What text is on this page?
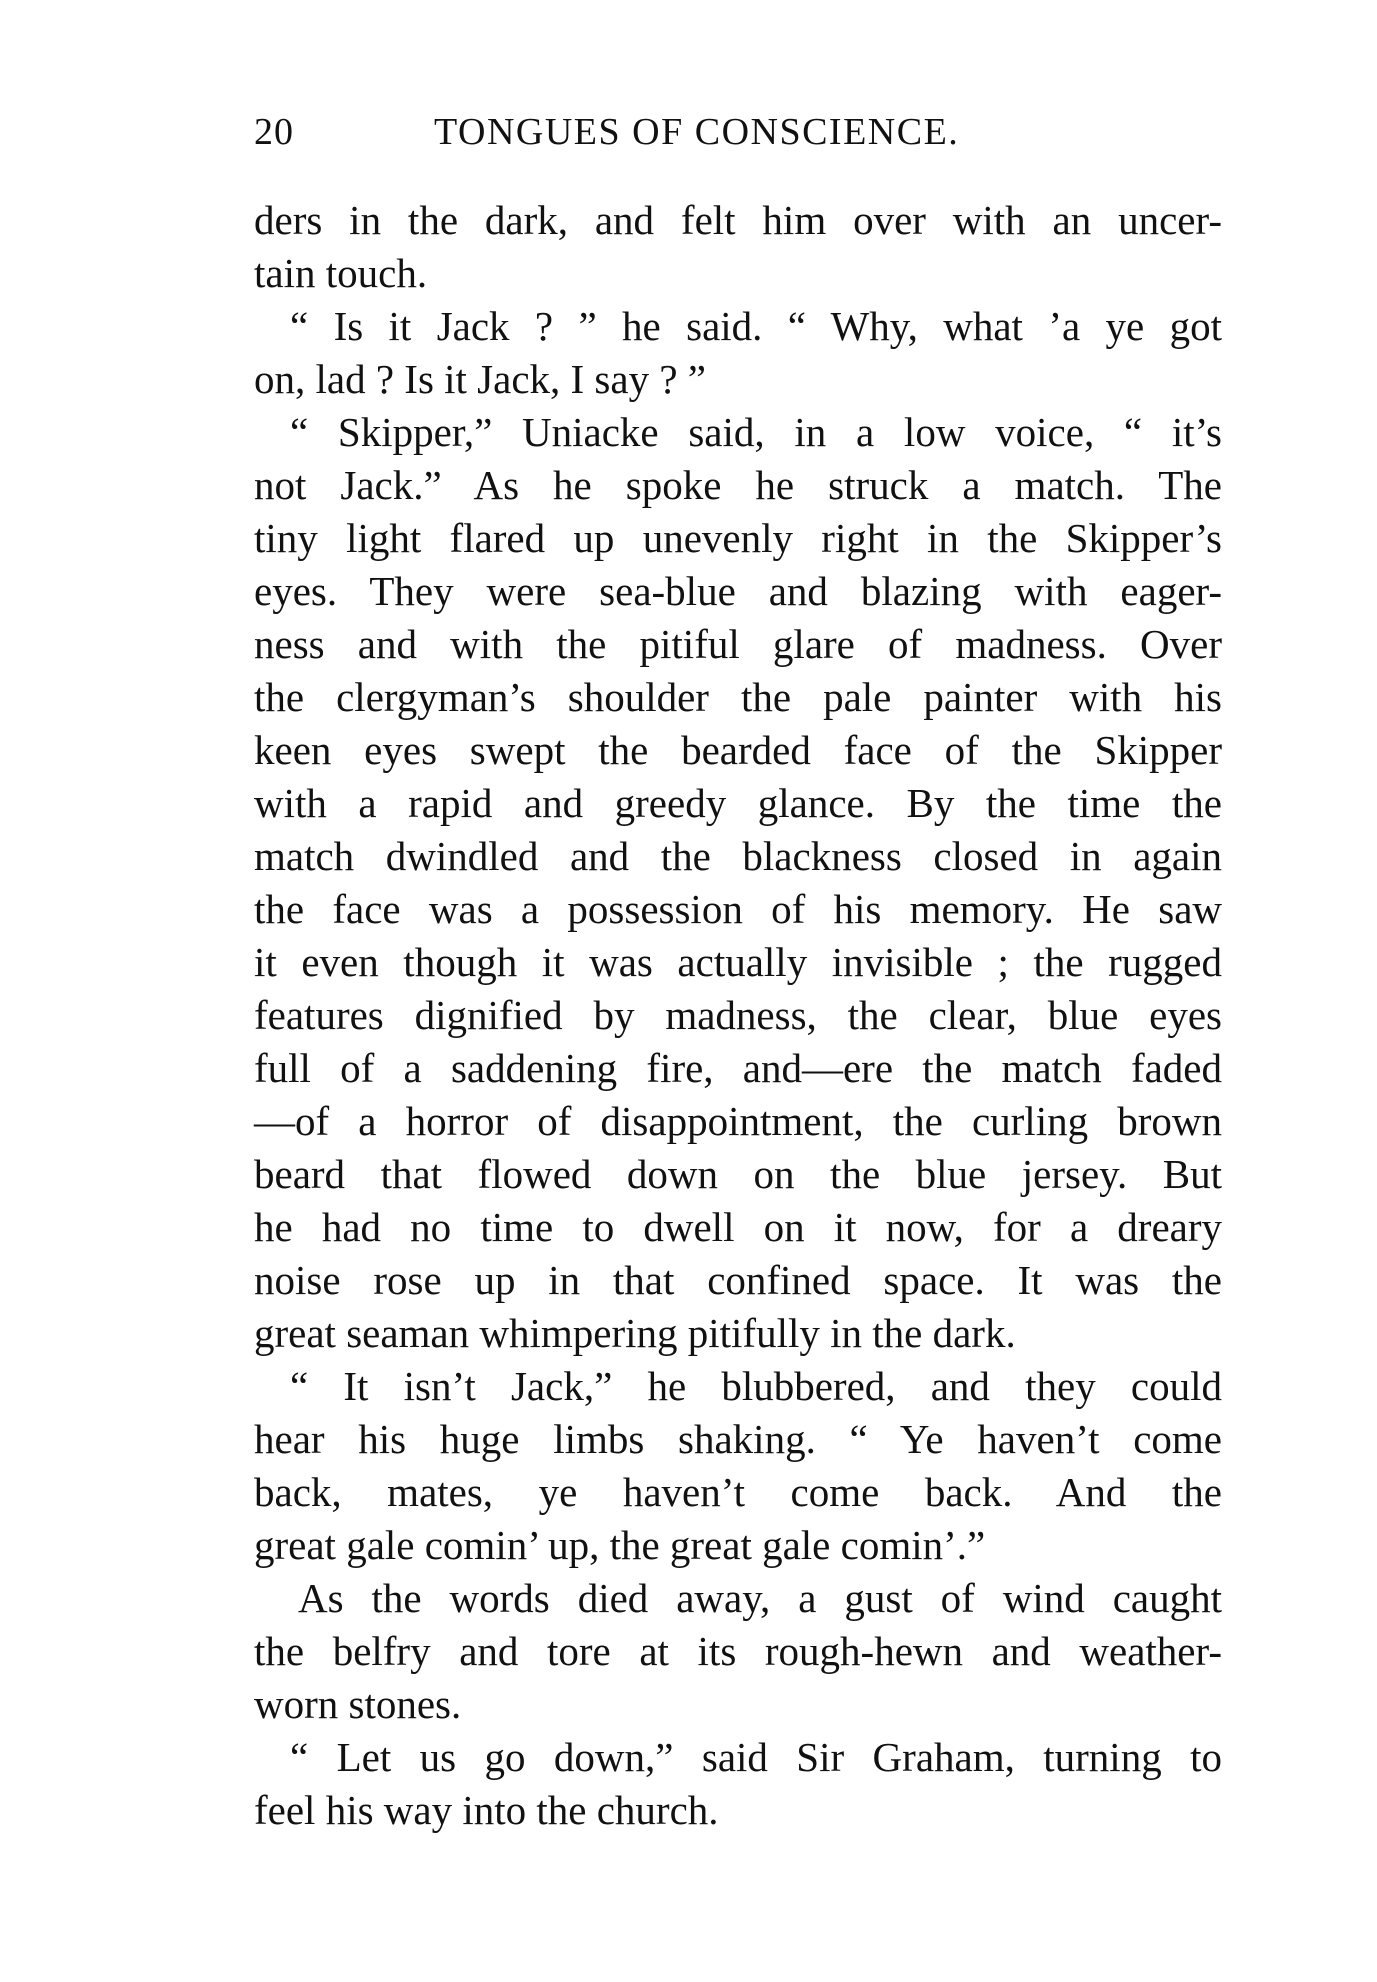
20	TONGUES OF CONSCIENCE.
ders in the dark, and felt him over with an uncer-
tain touch.
“ Is it Jack ? ” he said. “ Why, what ’a ye got
on, lad ? Is it Jack, I say ? ”
“ Skipper,” Uniacke said, in a low voice, “ it’s
not Jack.” As he spoke he struck a match. The
tiny light flared up unevenly right in the Skipper’s
eyes. They were sea-blue and blazing with eager-
ness and with the pitiful glare of madness. Over
the clergyman’s shoulder the pale painter with his
keen eyes swept the bearded face of the Skipper
with a rapid and greedy glance. By the time the
match dwindled and the blackness closed in again
the face was a possession of his memory. He saw
it even though it was actually invisible ; the rugged
features dignified by madness, the clear, blue eyes
full of a saddening fire, and—ere the match faded
—of a horror of disappointment, the curling brown
beard that flowed down on the blue jersey. But
he had no time to dwell on it now, for a dreary
noise rose up in that confined space. It was the
great seaman whimpering pitifully in the dark.
“ It isn’t Jack,” he blubbered, and they could
hear his huge limbs shaking. “ Ye haven’t come
back, mates, ye haven’t come back. And the
great gale comin’ up, the great gale comin’.”
As the words died away, a gust of wind caught
the belfry and tore at its rough-hewn and weather-
worn stones.
“ Let us go down,” said Sir Graham, turning to
feel his way into the church.
